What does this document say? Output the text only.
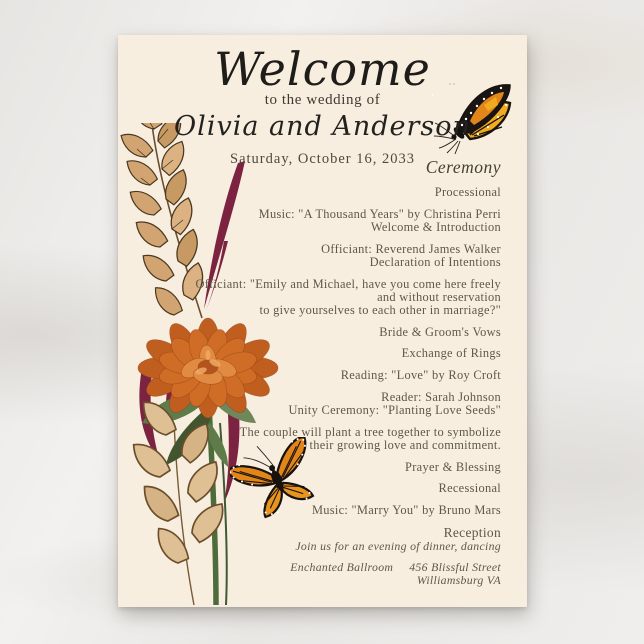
Welcome
to the wedding of
Olivia and Anderson
Saturday, October 16, 2033 Ceremony
Processional
Music: "A Thousand Years" by Christina Perri
Welcome & Introduction
Officiant: Reverend James Walker
Declaration of Intentions
Officiant: "Emily and Michael, have you come here freely
and without reservation
to give yourselves to each other in marriage?"
Bride & Groom's Vows
Exchange of Rings
Reading: "Love" by Roy Croft
Reader: Sarah Johnson
Unity Ceremony: "Planting Love Seeds"
The couple will plant a tree together to symbolize
their growing love and commitment.
Prayer & Blessing
Recessional
Music: "Marry You" by Bruno Mars
Reception
Join us for an evening of dinner, dancing
Enchanted Ballroom 456 Blissful Street
Williamsburg VA
